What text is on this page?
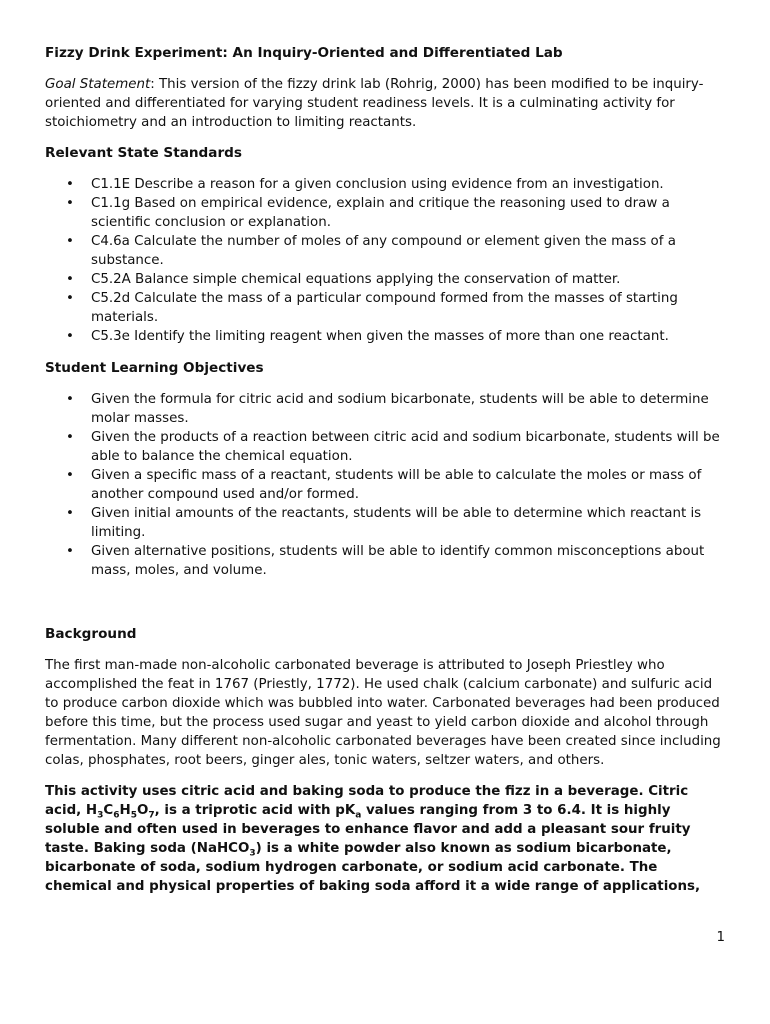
Fizzy Drink Experiment: An Inquiry-Oriented and Differentiated Lab

Goal Statement: This version of the fizzy drink lab (Rohrig, 2000) has been modified to be inquiry-oriented and differentiated for varying student readiness levels. It is a culminating activity for stoichiometry and an introduction to limiting reactants.

Relevant State Standards
• C1.1E Describe a reason for a given conclusion using evidence from an investigation.
• C1.1g Based on empirical evidence, explain and critique the reasoning used to draw a scientific conclusion or explanation.
• C4.6a Calculate the number of moles of any compound or element given the mass of a substance.
• C5.2A Balance simple chemical equations applying the conservation of matter.
• C5.2d Calculate the mass of a particular compound formed from the masses of starting materials.
• C5.3e Identify the limiting reagent when given the masses of more than one reactant.
Student Learning Objectives
• Given the formula for citric acid and sodium bicarbonate, students will be able to determine molar masses.
• Given the products of a reaction between citric acid and sodium bicarbonate, students will be able to balance the chemical equation.
• Given a specific mass of a reactant, students will be able to calculate the moles or mass of another compound used and/or formed.
• Given initial amounts of the reactants, students will be able to determine which reactant is limiting.
• Given alternative positions, students will be able to identify common misconceptions about mass, moles, and volume.
Background

The first man-made non-alcoholic carbonated beverage is attributed to Joseph Priestley who accomplished the feat in 1767 (Priestly, 1772). He used chalk (calcium carbonate) and sulfuric acid to produce carbon dioxide which was bubbled into water. Carbonated beverages had been produced before this time, but the process used sugar and yeast to yield carbon dioxide and alcohol through fermentation. Many different non-alcoholic carbonated beverages have been created since including colas, phosphates, root beers, ginger ales, tonic waters, seltzer waters, and others.

This activity uses citric acid and baking soda to produce the fizz in a beverage. Citric acid, $H_3C_6H_5O_7$, is a triprotic acid with $pK_a$ values ranging from 3 to 6.4. It is highly soluble and often used in beverages to enhance flavor and add a pleasant sour fruity taste. Baking soda (NaHCO$_3$) is a white powder also known as sodium bicarbonate, bicarbonate of soda, sodium hydrogen carbonate, or sodium acid carbonate. The chemical and physical properties of baking soda afford it a wide range of applications,

1
